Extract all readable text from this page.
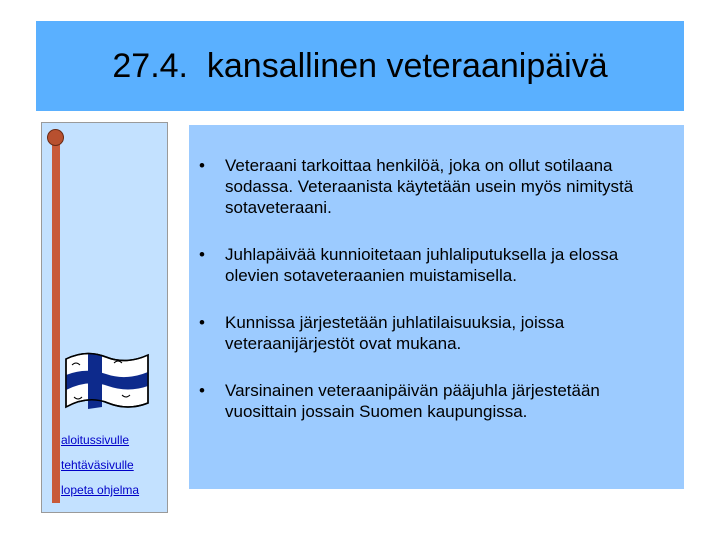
27.4.  kansallinen veteraanipäivä
aloitussivulle
tehtäväsivulle
lopeta ohjelma
•	Veteraani tarkoittaa henkilöä, joka on ollut sotilaana sodassa. Veteraanista käytetään usein myös nimitystä sotaveteraani.
•	Juhlapäivää kunnioitetaan juhlaliputuksella ja elossa olevien sotaveteraanien muistamisella.
•	Kunnissa järjestetään juhlatilaisuuksia, joissa veteraanijärjestöt ovat mukana.
•	Varsinainen veteraanipäivän pääjuhla järjestetään vuosittain jossain Suomen kaupungissa.
